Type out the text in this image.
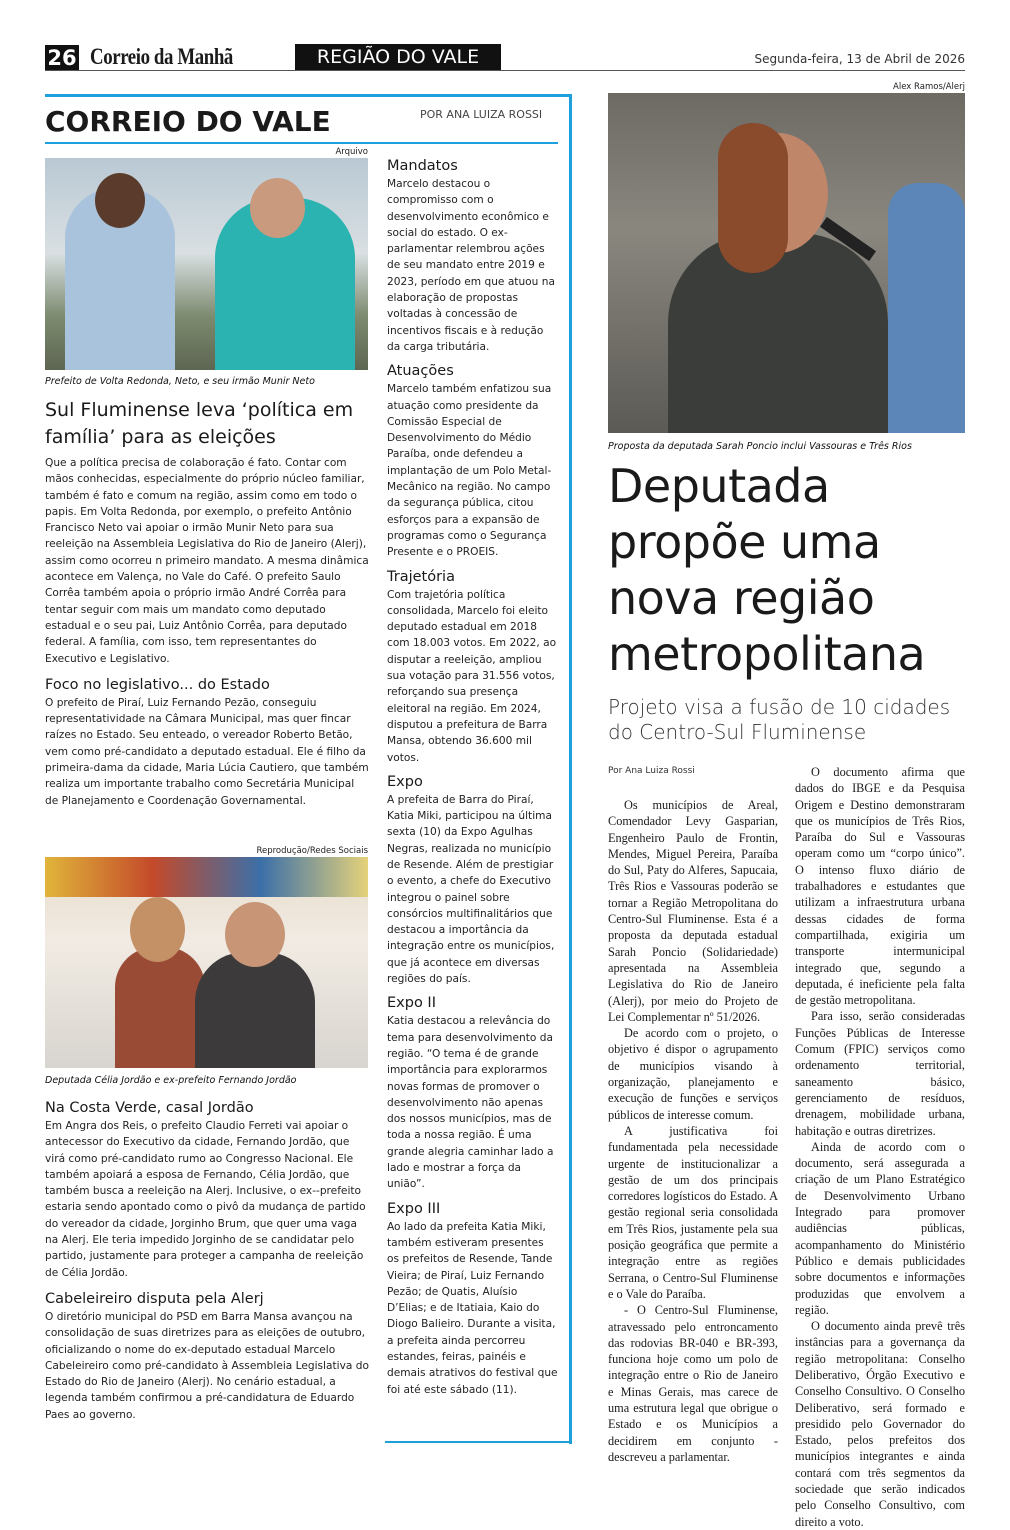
26 Correio da Manhã	REGIÃO DO VALE	Segunda-feira, 13 de Abril de 2026
CORREIO DO VALE	POR ANA LUIZA ROSSI
Arquivo
Prefeito de Volta Redonda, Neto, e seu irmão Munir Neto
Sul Fluminense leva ‘política em família’ para as eleições
Que a política precisa de colaboração é fato. Contar com mãos conhecidas, especialmente do próprio núcleo familiar, também é fato e comum na região, assim como em todo o papis. Em Volta Redonda, por exemplo, o prefeito Antônio Francisco Neto vai apoiar o irmão Munir Neto para sua reeleição na Assembleia Legislativa do Rio de Janeiro (Alerj), assim como ocorreu n primeiro mandato. A mesma dinâmica acontece em Valença, no Vale do Café. O prefeito Saulo Corrêa também apoia o próprio irmão André Corrêa para tentar seguir com mais um mandato como deputado estadual e o seu pai, Luiz Antônio Corrêa, para deputado federal. A família, com isso, tem representantes do Executivo e Legislativo.
Foco no legislativo... do Estado
O prefeito de Piraí, Luiz Fernando Pezão, conseguiu representatividade na Câmara Municipal, mas quer fincar raízes no Estado. Seu enteado, o vereador Roberto Betão, vem como pré-candidato a deputado estadual. Ele é filho da primeira-dama da cidade, Maria Lúcia Cautiero, que também realiza um importante trabalho como Secretária Municipal de Planejamento e Coordenação Governamental.
Reprodução/Redes Sociais
Deputada Célia Jordão e ex-prefeito Fernando Jordão
Na Costa Verde, casal Jordão
Em Angra dos Reis, o prefeito Claudio Ferreti vai apoiar o antecessor do Executivo da cidade, Fernando Jordão, que virá como pré-candidato rumo ao Congresso Nacional. Ele também apoiará a esposa de Fernando, Célia Jordão, que também busca a reeleição na Alerj. Inclusive, o ex--prefeito estaria sendo apontado como o pivô da mudança de partido do vereador da cidade, Jorginho Brum, que quer uma vaga na Alerj. Ele teria impedido Jorginho de se candidatar pelo partido, justamente para proteger a campanha de reeleição de Célia Jordão.
Cabeleireiro disputa pela Alerj
O diretório municipal do PSD em Barra Mansa avançou na consolidação de suas diretrizes para as eleições de outubro, oficializando o nome do ex-deputado estadual Marcelo Cabeleireiro como pré-candidato à Assembleia Legislativa do Estado do Rio de Janeiro (Alerj). No cenário estadual, a legenda também confirmou a pré-candidatura de Eduardo Paes ao governo.
Mandatos
Marcelo destacou o compromisso com o desenvolvimento econômico e social do estado. O ex-parlamentar relembrou ações de seu mandato entre 2019 e 2023, período em que atuou na elaboração de propostas voltadas à concessão de incentivos fiscais e à redução da carga tributária.
Atuações
Marcelo também enfatizou sua atuação como presidente da Comissão Especial de Desenvolvimento do Médio Paraíba, onde defendeu a implantação de um Polo Metal-Mecânico na região. No campo da segurança pública, citou esforços para a expansão de programas como o Segurança Presente e o PROEIS.
Trajetória
Com trajetória política consolidada, Marcelo foi eleito deputado estadual em 2018 com 18.003 votos. Em 2022, ao disputar a reeleição, ampliou sua votação para 31.556 votos, reforçando sua presença eleitoral na região. Em 2024, disputou a prefeitura de Barra Mansa, obtendo 36.600 mil votos.
Expo
A prefeita de Barra do Piraí, Katia Miki, participou na última sexta (10) da Expo Agulhas Negras, realizada no município de Resende. Além de prestigiar o evento, a chefe do Executivo integrou o painel sobre consórcios multifinalitários que destacou a importância da integração entre os municípios, que já acontece em diversas regiões do país.
Expo II
Katia destacou a relevância do tema para desenvolvimento da região. “O tema é de grande importância para explorarmos novas formas de promover o desenvolvimento não apenas dos nossos municípios, mas de toda a nossa região. É uma grande alegria caminhar lado a lado e mostrar a força da união”.
Expo III
Ao lado da prefeita Katia Miki, também estiveram presentes os prefeitos de Resende, Tande Vieira; de Piraí, Luiz Fernando Pezão; de Quatis, Aluísio D’Elias; e de Itatiaia, Kaio do Diogo Balieiro. Durante a visita, a prefeita ainda percorreu estandes, feiras, painéis e demais atrativos do festival que foi até este sábado (11).
Alex Ramos/Alerj
Proposta da deputada Sarah Poncio inclui Vassouras e Três Rios
Deputada propõe uma nova região metropolitana
Projeto visa a fusão de 10 cidades do Centro-Sul Fluminense
Por Ana Luiza Rossi

Os municípios de Areal, Comendador Levy Gasparian, Engenheiro Paulo de Frontin, Mendes, Miguel Pereira, Paraíba do Sul, Paty do Alferes, Sapucaia, Três Rios e Vassouras poderão se tornar a Região Metropolitana do Centro-Sul Fluminense. Esta é a proposta da deputada estadual Sarah Poncio (Solidariedade) apresentada na Assembleia Legislativa do Rio de Janeiro (Alerj), por meio do Projeto de Lei Complementar nº 51/2026.

De acordo com o projeto, o objetivo é dispor o agrupamento de municípios visando à organização, planejamento e execução de funções e serviços públicos de interesse comum.

A justificativa foi fundamentada pela necessidade urgente de institucionalizar a gestão de um dos principais corredores logísticos do Estado. A gestão regional seria consolidada em Três Rios, justamente pela sua posição geográfica que permite a integração entre as regiões Serrana, o Centro-Sul Fluminense e o Vale do Paraíba.

- O Centro-Sul Fluminense, atravessado pelo entroncamento das rodovias BR-040 e BR-393, funciona hoje como um polo de integração entre o Rio de Janeiro e Minas Gerais, mas carece de uma estrutura legal que obrigue o Estado e os Municípios a decidirem em conjunto - descreveu a parlamentar.

O documento afirma que dados do IBGE e da Pesquisa Origem e Destino demonstraram que os municípios de Três Rios, Paraíba do Sul e Vassouras operam como um “corpo único”. O intenso fluxo diário de trabalhadores e estudantes que utilizam a infraestrutura urbana dessas cidades de forma compartilhada, exigiria um transporte intermunicipal integrado que, segundo a deputada, é ineficiente pela falta de gestão metropolitana.

Para isso, serão consideradas Funções Públicas de Interesse Comum (FPIC) serviços como ordenamento territorial, saneamento básico, gerenciamento de resíduos, drenagem, mobilidade urbana, habitação e outras diretrizes.

Ainda de acordo com o documento, será assegurada a criação de um Plano Estratégico de Desenvolvimento Urbano Integrado para promover audiências públicas, acompanhamento do Ministério Público e demais publicidades sobre documentos e informações produzidas que envolvem a região.

O documento ainda prevê três instâncias para a governança da região metropolitana: Conselho Deliberativo, Órgão Executivo e Conselho Consultivo. O Conselho Deliberativo, será formado e presidido pelo Governador do Estado, pelos prefeitos dos municípios integrantes e ainda contará com três segmentos da sociedade que serão indicados pelo Conselho Consultivo, com direito a voto.
